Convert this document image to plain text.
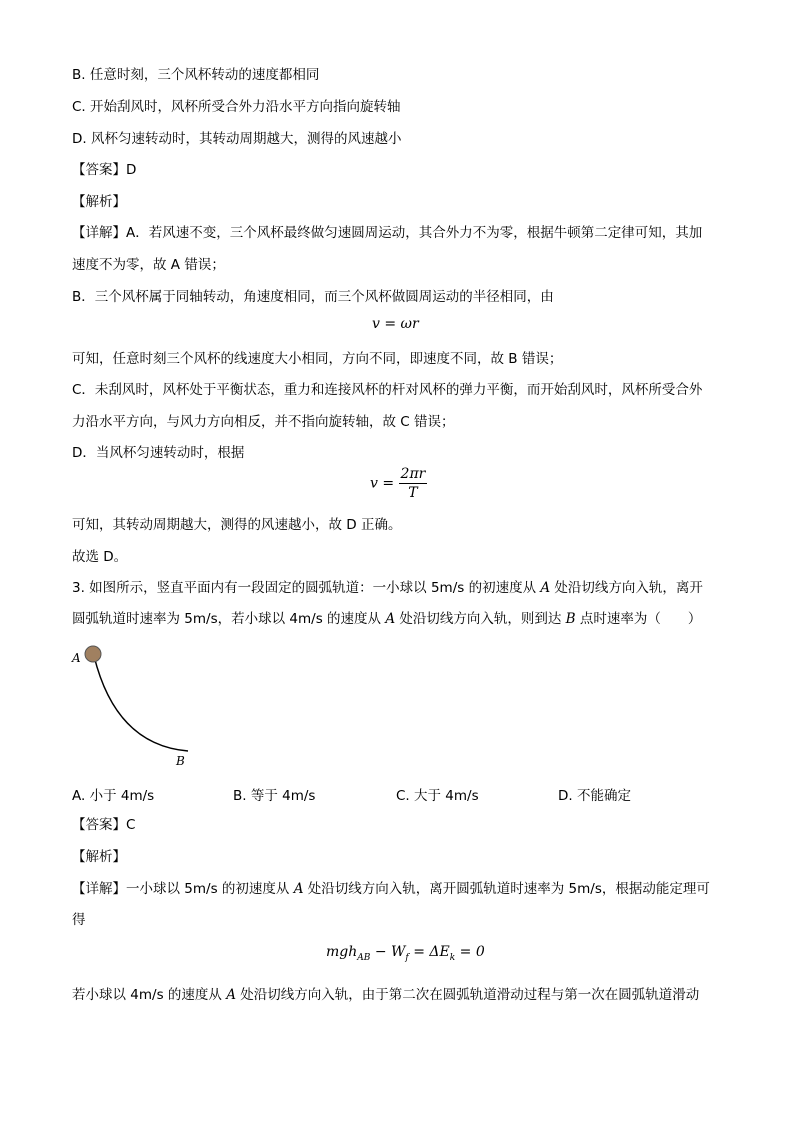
B. 任意时刻，三个风杯转动的速度都相同
C. 开始刮风时，风杯所受合外力沿水平方向指向旋转轴
D. 风杯匀速转动时，其转动周期越大，测得的风速越小
【答案】D
【解析】
【详解】A．若风速不变，三个风杯最终做匀速圆周运动，其合外力不为零，根据牛顿第二定律可知，其加
速度不为零，故 A 错误；
B．三个风杯属于同轴转动，角速度相同，而三个风杯做圆周运动的半径相同，由
v = ωr
可知，任意时刻三个风杯的线速度大小相同，方向不同，即速度不同，故 B 错误；
C．未刮风时，风杯处于平衡状态，重力和连接风杯的杆对风杯的弹力平衡，而开始刮风时，风杯所受合外
力沿水平方向，与风力方向相反，并不指向旋转轴，故 C 错误；
D．当风杯匀速转动时，根据
$v = \frac{2\pi r}{T}$
可知，其转动周期越大，测得的风速越小，故 D 正确。
故选 D。
3. 如图所示，竖直平面内有一段固定的圆弧轨道：一小球以 5m/s 的初速度从 A 处沿切线方向入轨，离开
圆弧轨道时速率为 5m/s，若小球以 4m/s 的速度从 A 处沿切线方向入轨，则到达 B 点时速率为（　　）
A
B
A. 小于 4m/s	B. 等于 4m/s	C. 大于 4m/s	D. 不能确定
【答案】C
【解析】
【详解】一小球以 5m/s 的初速度从 A 处沿切线方向入轨，离开圆弧轨道时速率为 5m/s，根据动能定理可
得
$mgh_{AB} - W_f = \Delta E_k = 0$
若小球以 4m/s 的速度从 A 处沿切线方向入轨，由于第二次在圆弧轨道滑动过程与第一次在圆弧轨道滑动
